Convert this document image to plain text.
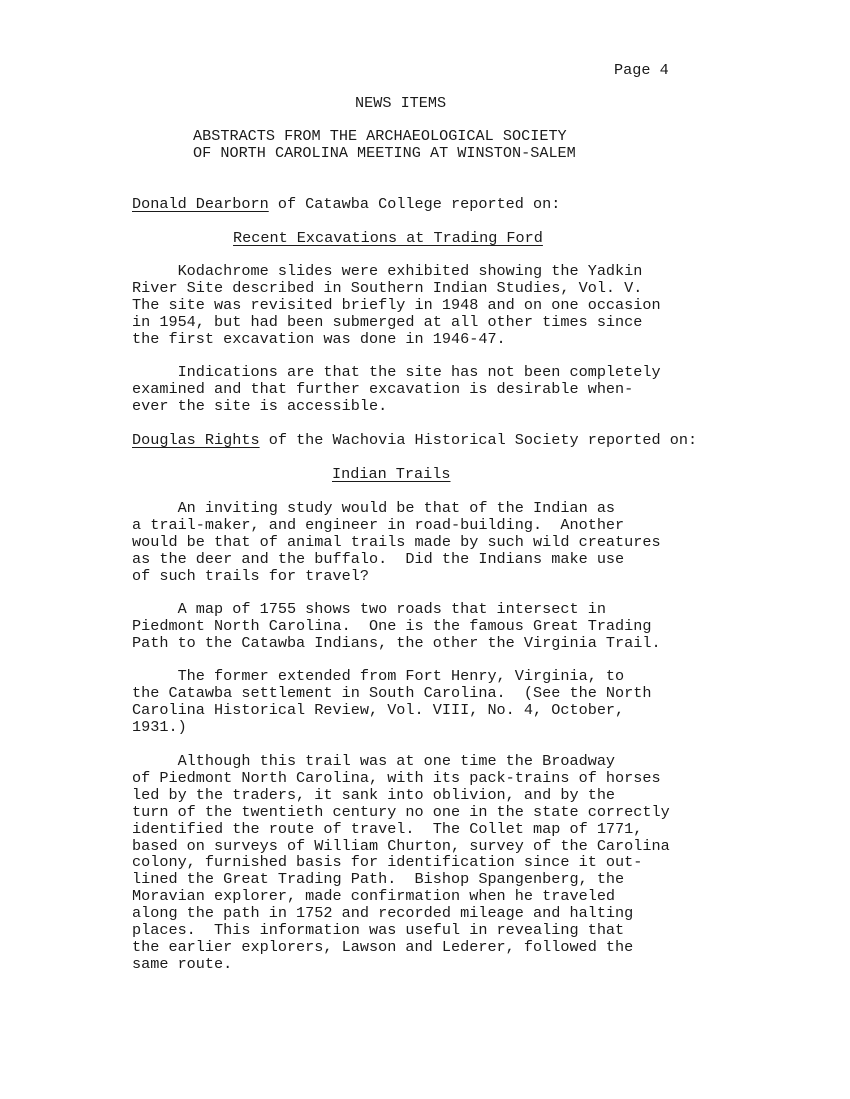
Page 4
NEWS ITEMS
ABSTRACTS FROM THE ARCHAEOLOGICAL SOCIETY
OF NORTH CAROLINA MEETING AT WINSTON-SALEM
Donald Dearborn of Catawba College reported on:
Recent Excavations at Trading Ford
Kodachrome slides were exhibited showing the Yadkin
River Site described in Southern Indian Studies, Vol. V.
The site was revisited briefly in 1948 and on one occasion
in 1954, but had been submerged at all other times since
the first excavation was done in 1946-47.
Indications are that the site has not been completely
examined and that further excavation is desirable when-
ever the site is accessible.
Douglas Rights of the Wachovia Historical Society reported on:
Indian Trails
An inviting study would be that of the Indian as
a trail-maker, and engineer in road-building.  Another
would be that of animal trails made by such wild creatures
as the deer and the buffalo.  Did the Indians make use
of such trails for travel?
A map of 1755 shows two roads that intersect in
Piedmont North Carolina.  One is the famous Great Trading
Path to the Catawba Indians, the other the Virginia Trail.
The former extended from Fort Henry, Virginia, to
the Catawba settlement in South Carolina.  (See the North
Carolina Historical Review, Vol. VIII, No. 4, October,
1931.)
Although this trail was at one time the Broadway
of Piedmont North Carolina, with its pack-trains of horses
led by the traders, it sank into oblivion, and by the
turn of the twentieth century no one in the state correctly
identified the route of travel.  The Collet map of 1771,
based on surveys of William Churton, survey of the Carolina
colony, furnished basis for identification since it out-
lined the Great Trading Path.  Bishop Spangenberg, the
Moravian explorer, made confirmation when he traveled
along the path in 1752 and recorded mileage and halting
places.  This information was useful in revealing that
the earlier explorers, Lawson and Lederer, followed the
same route.
